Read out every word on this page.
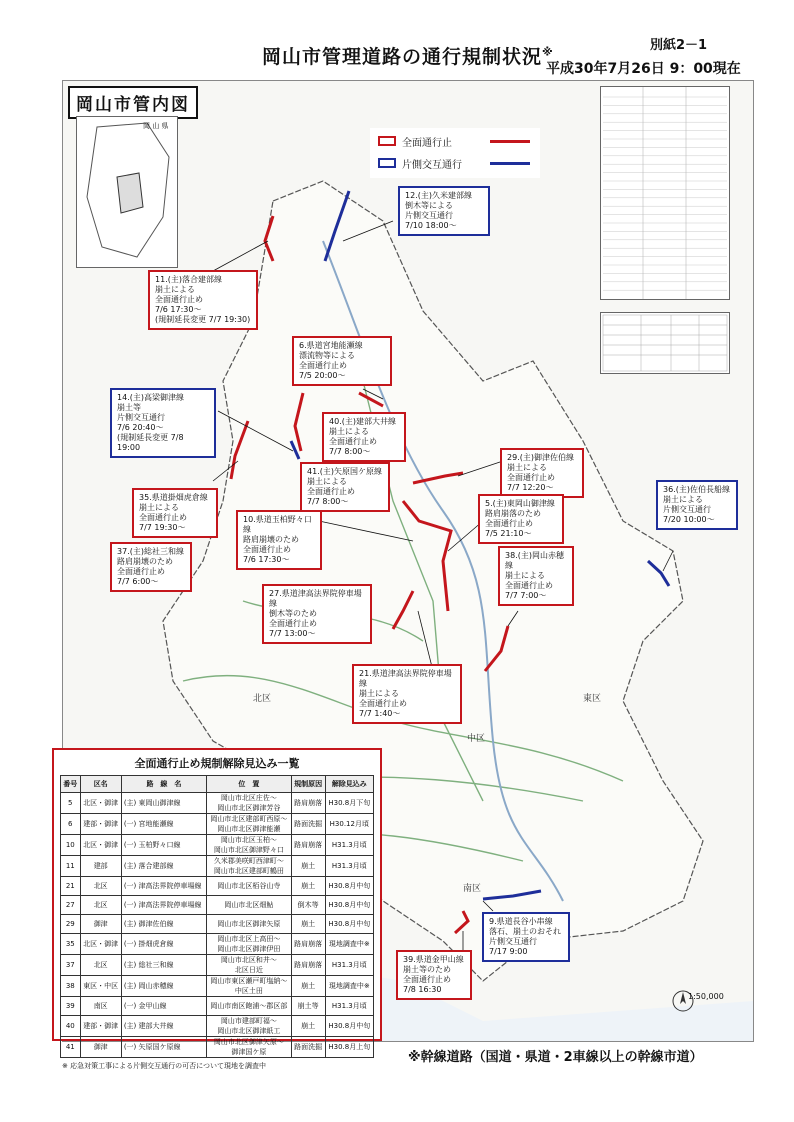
岡山市管理道路の通行規制状況※	別紙2－1
平成30年7月26日 9：00現在
北区
中区
東区
南区
岡山市管内図
岡 山 県
全面通行止
片側交互通行
12.(主)久米建部線
倒木等による
片側交互通行
7/10 18:00～
11.(主)落合建部線
崩土による
全面通行止め
7/6 17:30～
(規制延長変更 7/7 19:30)
6.県道宮地能瀬線
漂流物等による
全面通行止め
7/5 20:00～
14.(主)高梁御津線
崩土等
片側交互通行
7/6 20:40～
(規制延長変更 7/8 19:00
40.(主)建部大井線
崩土による
全面通行止め
7/7 8:00～
29.(主)御津佐伯線
崩土による
全面通行止め
7/7 12:20～
41.(主)矢原国ケ原線
崩土による
全面通行止め
7/7 8:00～	5.(主)東岡山御津線
路肩崩落のため
全面通行止め
7/5 21:10～
36.(主)佐伯長船線
崩土による
片側交互通行
7/20 10:00～
35.県道掛畑虎倉線
崩土による
全面通行止め
7/7 19:30～
10.県道玉柏野々口線
路肩崩壊のため
全面通行止め
7/6 17:30～
37.(主)総社三和線
路肩崩壊のため
全面通行止め
7/7 6:00～
38.(主)岡山赤穂線
崩土による
全面通行止め
7/7 7:00～
27.県道津高法界院停車場線
倒木等のため
全面通行止め
7/7 13:00～
21.県道津高法界院停車場線
崩土による
全面通行止め
7/7 1:40～
9.県道長谷小串線
落石、崩土のおそれ
片側交互通行
7/17 9:00
39.県道金甲山線
崩土等のため
全面通行止め
7/8 16:30
全面通行止め規制解除見込み一覧
番号	区名	路　線　名	位　置	規制原因	解除見込み
5	北区・御津	(主) 東岡山御津線	岡山市北区庄佐～
岡山市北区御津芳谷	路肩崩落	H30.8月下旬
6	建部・御津	(一) 宮地能瀬線	岡山市北区建部町西原～
岡山市北区御津能瀬	路面洗掘	H30.12月頃
10	北区・御津	(一) 玉柏野々口線	岡山市北区玉柏～
岡山市北区御津野々口	路肩崩落	H31.3月頃
11	建部	(主) 落合建部線	久米郡美咲町西津町～
岡山市北区建部町鶴田	崩土	H31.3月頃
21	北区	(一) 津高法界院停車場線	岡山市北区栢谷山寺	崩土	H30.8月中旬
27	北区	(一) 津高法界院停車場線	岡山市北区畑鮎	倒木等	H30.8月中旬
29	御津	(主) 御津佐伯線	岡山市北区御津矢原	崩土	H30.8月中旬
35	北区・御津	(一) 掛畑虎倉線	岡山市北区上高田～
岡山市北区御津伊田	路肩崩落	現地調査中※
37	北区	(主) 総社三和線	岡山市北区和井～
北区日近	路肩崩落	H31.3月頃
38	東区・中区	(主) 岡山赤穂線	岡山市東区瀬戸町塩納～
中区土田	崩土	現地調査中※
39	南区	(一) 金甲山線	岡山市南区飽浦～郡区部	崩土等	H31.3月頃
40	建部・御津	(主) 建部大井線	岡山市建部町福～
岡山市北区御津紙工	崩土	H30.8月中旬
41	御津	(一) 矢原国ケ原線	岡山市北区御津矢原～
御津国ケ原	路面洗掘	H30.8月上旬
※ 応急対策工事による片側交互通行の可否について現地を調査中
1:50,000
※幹線道路（国道・県道・2車線以上の幹線市道）
